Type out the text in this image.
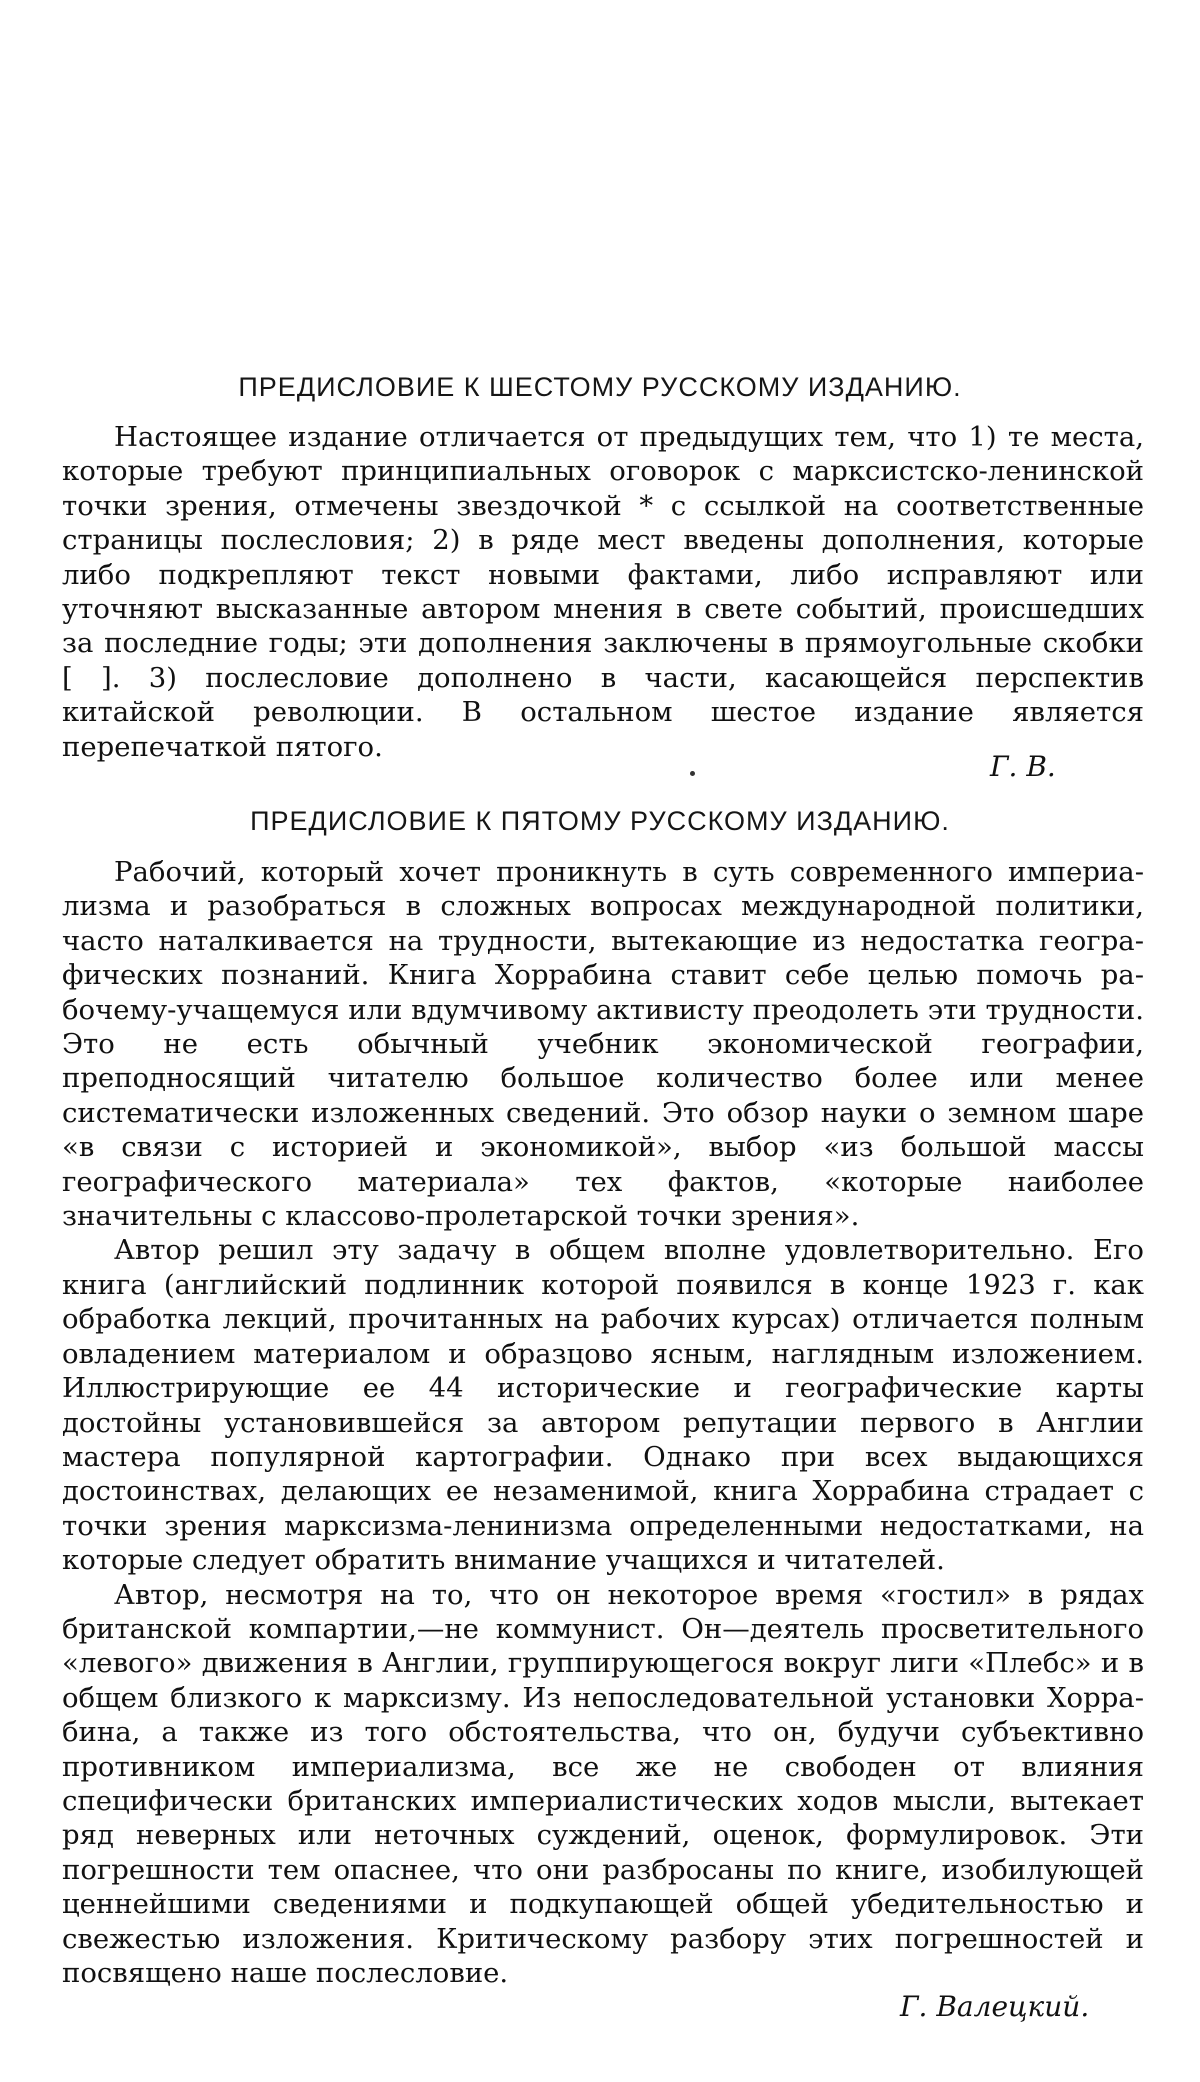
ПРЕДИСЛОВИЕ К ШЕСТОМУ РУССКОМУ ИЗДАНИЮ.

Настоящее издание отличается от предыдущих тем, что 1) те места, которые требуют принципиальных оговорок с марксистско-ленинской точки зрения, отмечены звездочкой * с ссылкой на соответственные страницы послесловия; 2) в ряде мест введены дополнения, которые либо подкрепляют текст новыми фактами, либо исправляют или уточняют высказанные автором мнения в свете событий, происшедших за последние годы; эти дополнения заключены в прямоугольные скобки [ ]. 3) послесловие дополнено в части, касающейся перспектив китайской революции. В остальном шестое издание является перепечаткой пятого.

Г. В.
ПРЕДИСЛОВИЕ К ПЯТОМУ РУССКОМУ ИЗДАНИЮ.

Рабочий, который хочет проникнуть в суть современного империализма и разобраться в сложных вопросах международной политики, часто наталкивается на трудности, вытекающие из недостатка географических познаний. Книга Хоррабина ставит себе целью помочь рабочему-учащемуся или вдумчивому активисту преодолеть эти трудности. Это не есть обычный учебник экономической географии, преподносящий читателю большое количество более или менее систематически изложенных сведений. Это обзор науки о земном шаре «в связи с историей и экономикой», выбор «из большой массы географического материала» тех фактов, «которые наиболее значительны с классово-пролетарской точки зрения».

Автор решил эту задачу в общем вполне удовлетворительно. Его книга (английский подлинник которой появился в конце 1923 г. как обработка лекций, прочитанных на рабочих курсах) отличается полным овладением материалом и образцово ясным, наглядным изложением. Иллюстрирующие ее 44 исторические и географические карты достойны установившейся за автором репутации первого в Англии мастера популярной картографии. Однако при всех выдающихся достоинствах, делающих ее незаменимой, книга Хоррабина страдает с точки зрения марксизма-ленинизма определенными недостатками, на которые следует обратить внимание учащихся и читателей.

Автор, несмотря на то, что он некоторое время «гостил» в рядах британской компартии,—не коммунист. Он—деятель просветительного «левого» движения в Англии, группирующегося вокруг лиги «Плебс» и в общем близкого к марксизму. Из непоследовательной установки Хоррабина, а также из того обстоятельства, что он, будучи субъективно противником империализма, все же не свободен от влияния специфически британских империалистических ходов мысли, вытекает ряд неверных или неточных суждений, оценок, формулировок. Эти погрешности тем опаснее, что они разбросаны по книге, изобилующей ценнейшими сведениями и подкупающей общей убедительностью и свежестью изложения. Критическому разбору этих погрешностей и посвящено наше послесловие.

Г. Валецкий.
